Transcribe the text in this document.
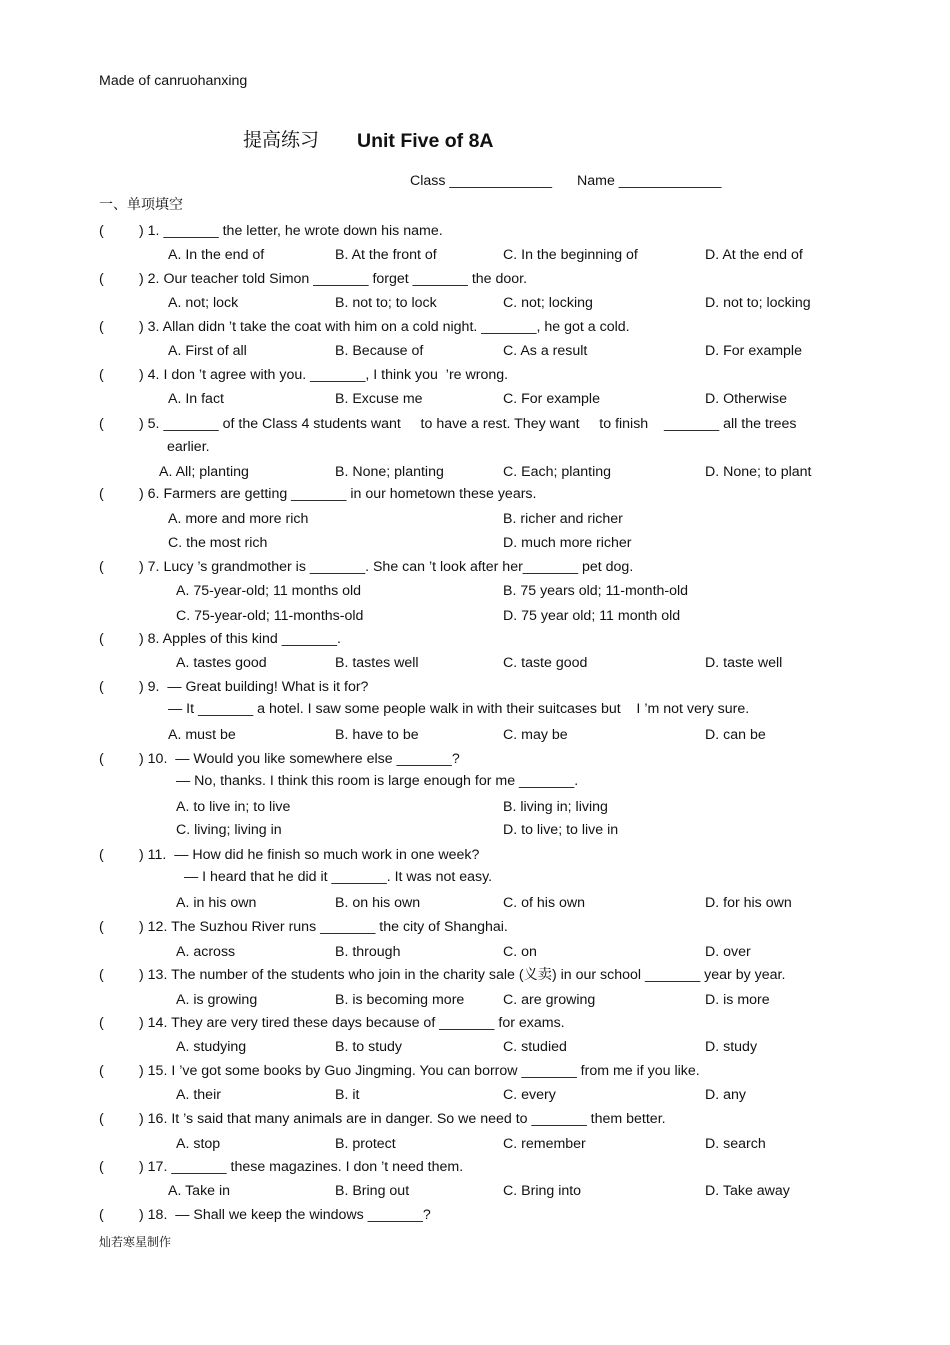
Made of canruohanxing
提高练习 Unit Five of 8A
Class _____________ Name _____________
一、单项填空
灿若寒星制作
( ) 1. _______ the letter, he wrote down his name.
A. In the end of	B. At the front of	C. In the beginning of	D. At the end of
( ) 2. Our teacher told Simon _______ forget _______ the door.
A. not; lock	B. not to; to lock	C. not; locking	D. not to; locking
( ) 3. Allan didn ’t take the coat with him on a cold night. _______, he got a cold.
A. First of all	B. Because of	C. As a result	D. For example
( ) 4. I don ’t agree with you. _______, I think you  ’re wrong.
A. In fact	B. Excuse me	C. For example	D. Otherwise
( ) 5. _______ of the Class 4 students want     to have a rest. They want     to finish    _______ all the trees
earlier.
A. All; planting	B. None; planting	C. Each; planting	D. None; to plant
( ) 6. Farmers are getting _______ in our hometown these years.
A. more and more rich	B. richer and richer
C. the most rich	D. much more richer
( ) 7. Lucy ’s grandmother is _______. She can ’t look after her_______ pet dog.
A. 75-year-old; 11 months old	B. 75 years old; 11-month-old
C. 75-year-old; 11-months-old	D. 75 year old; 11 month old
( ) 8. Apples of this kind _______.
A. tastes good	B. tastes well	C. taste good	D. taste well
( ) 9.  — Great building! What is it for?
— It _______ a hotel. I saw some people walk in with their suitcases but    I ’m not very sure.
A. must be	B. have to be	C. may be	D. can be
( ) 10.  — Would you like somewhere else _______?
— No, thanks. I think this room is large enough for me _______.
A. to live in; to live	B. living in; living
C. living; living in	D. to live; to live in
( ) 11.  — How did he finish so much work in one week?
— I heard that he did it _______. It was not easy.
A. in his own	B. on his own	C. of his own	D. for his own
( ) 12. The Suzhou River runs _______ the city of Shanghai.
A. across	B. through	C. on	D. over
( ) 13. The number of the students who join in the charity sale (义卖) in our school _______ year by year.
A. is growing	B. is becoming more	C. are growing	D. is more
( ) 14. They are very tired these days because of _______ for exams.
A. studying	B. to study	C. studied	D. study
( ) 15. I ’ve got some books by Guo Jingming. You can borrow _______ from me if you like.
A. their	B. it	C. every	D. any
( ) 16. It ’s said that many animals are in danger. So we need to _______ them better.
A. stop	B. protect	C. remember	D. search
( ) 17. _______ these magazines. I don ’t need them.
A. Take in	B. Bring out	C. Bring into	D. Take away
( ) 18.  — Shall we keep the windows _______?
